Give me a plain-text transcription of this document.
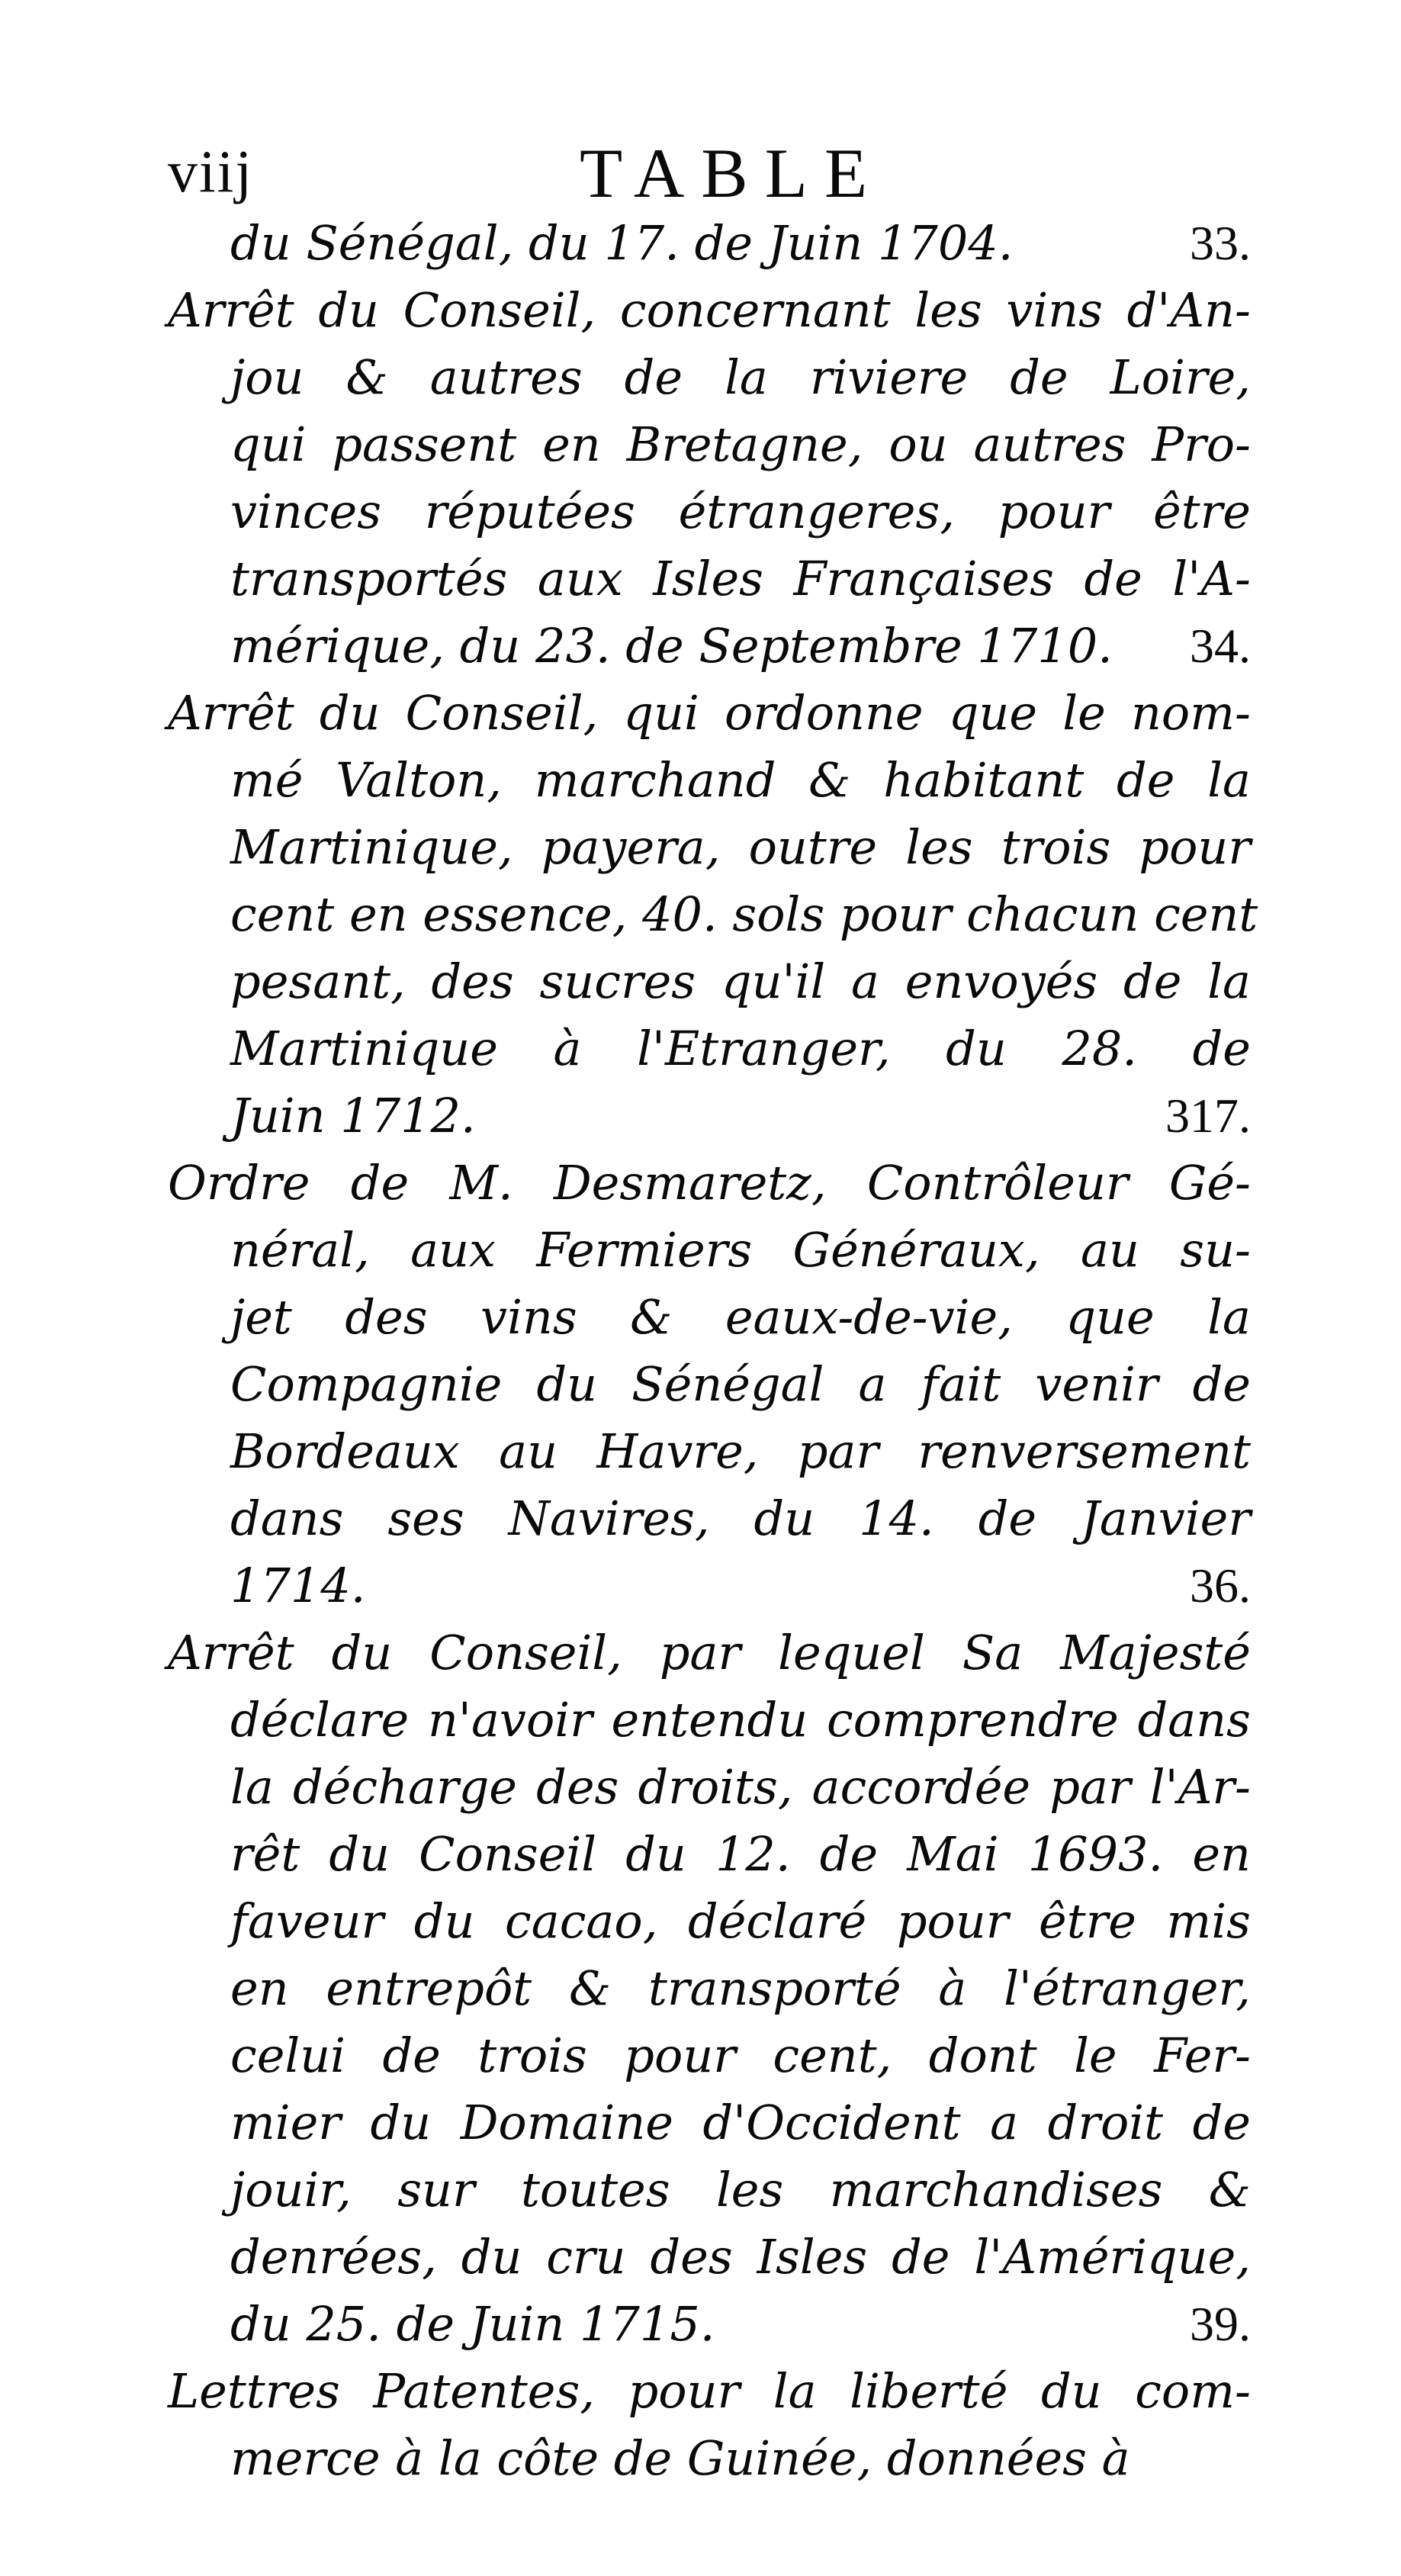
viij	TABLE
du Sénégal, du 17. de Juin 1704.	33.
Arrêt du Conseil, concernant les vins d'An-
jou & autres de la riviere de Loire,
qui passent en Bretagne, ou autres Pro-
vinces réputées étrangeres, pour être
transportés aux Isles Françaises de l'A-
mérique, du 23. de Septembre 1710. 34.
Arrêt du Conseil, qui ordonne que le nom-
mé Valton, marchand & habitant de la
Martinique, payera, outre les trois pour
cent en essence, 40. sols pour chacun cent
pesant, des sucres qu'il a envoyés de la
Martinique à l'Etranger, du 28. de
Juin 1712.	317.
Ordre de M. Desmaretz, Contrôleur Gé-
néral, aux Fermiers Généraux, au su-
jet des vins & eaux-de-vie, que la
Compagnie du Sénégal a fait venir de
Bordeaux au Havre, par renversement
dans ses Navires, du 14. de Janvier
1714.	36.
Arrêt du Conseil, par lequel Sa Majesté
déclare n'avoir entendu comprendre dans
la décharge des droits, accordée par l'Ar-
rêt du Conseil du 12. de Mai 1693. en
faveur du cacao, déclaré pour être mis
en entrepôt & transporté à l'étranger,
celui de trois pour cent, dont le Fer-
mier du Domaine d'Occident a droit de
jouir, sur toutes les marchandises &
denrées, du cru des Isles de l'Amérique,
du 25. de Juin 1715.	39.
Lettres Patentes, pour la liberté du com-
merce à la côte de Guinée, données à
